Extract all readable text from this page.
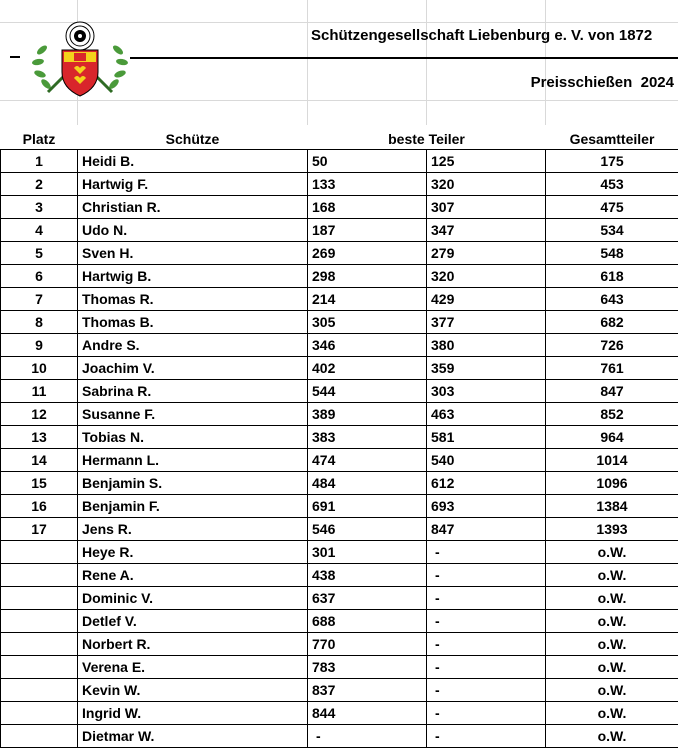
Schützengesellschaft Liebenburg e. V. von 1872
Preisschießen  2024
Platz	Schütze	beste Teiler		Gesamtteiler
1	Heidi B.	50	125	175
2	Hartwig F.	133	320	453
3	Christian R.	168	307	475
4	Udo N.	187	347	534
5	Sven H.	269	279	548
6	Hartwig B.	298	320	618
7	Thomas R.	214	429	643
8	Thomas B.	305	377	682
9	Andre S.	346	380	726
10	Joachim V.	402	359	761
11	Sabrina R.	544	303	847
12	Susanne F.	389	463	852
13	Tobias N.	383	581	964
14	Hermann L.	474	540	1014
15	Benjamin S.	484	612	1096
16	Benjamin F.	691	693	1384
17	Jens R.	546	847	1393
	Heye R.	301	-	o.W.
	Rene A.	438	-	o.W.
	Dominic V.	637	-	o.W.
	Detlef V.	688	-	o.W.
	Norbert R.	770	-	o.W.
	Verena E.	783	-	o.W.
	Kevin W.	837	-	o.W.
	Ingrid W.	844	-	o.W.
	Dietmar W.	-	-	o.W.
